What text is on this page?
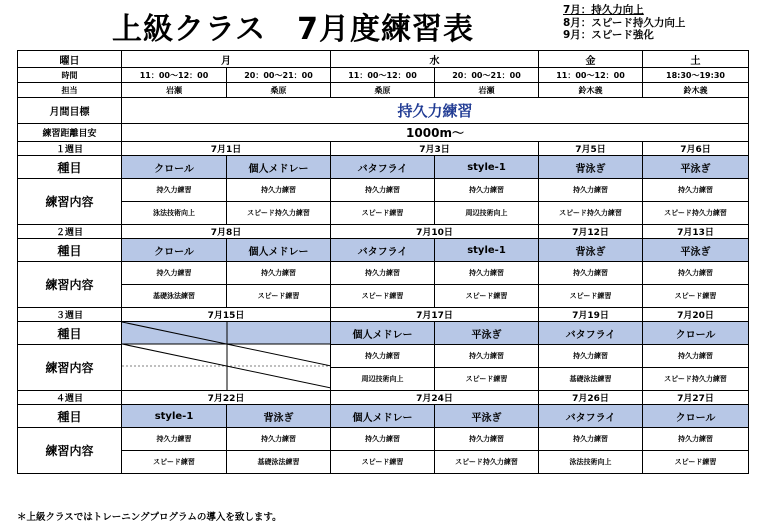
上級クラス　7月度練習表
7月：持久力向上
8月：スピード持久力向上
9月：スピード強化
曜日	月		水		金	土
時間	11：00〜12：00	20：00〜21：00	11：00〜12：00	20：00〜21：00	11：00〜12：00	18:30〜19:30
担当	岩瀬	桑原	桑原	岩瀬	鈴木義	鈴木義
月間目標	持久力練習					
練習距離目安	1000m〜					
１週目	7月1日		7月3日		7月5日	7月6日
種目	クロール	個人メドレー	バタフライ	style-1	背泳ぎ	平泳ぎ
練習内容	持久力練習	持久力練習	持久力練習	持久力練習	持久力練習	持久力練習
	泳法技術向上	スピード持久力練習	スピード練習	周辺技術向上	スピード持久力練習	スピード持久力練習
２週目	7月8日		7月10日		7月12日	7月13日
種目	クロール	個人メドレー	バタフライ	style-1	背泳ぎ	平泳ぎ
練習内容	持久力練習	持久力練習	持久力練習	持久力練習	持久力練習	持久力練習
	基礎泳法練習	スピード練習	スピード練習	スピード練習	スピード練習	スピード練習
３週目	7月15日		7月17日		7月19日	7月20日
種目			個人メドレー	平泳ぎ	バタフライ	クロール
練習内容			持久力練習	持久力練習	持久力練習	持久力練習
			周辺技術向上	スピード練習	基礎泳法練習	スピード持久力練習
４週目	7月22日		7月24日		7月26日	7月27日
種目	style-1	背泳ぎ	個人メドレー	平泳ぎ	バタフライ	クロール
練習内容	持久力練習	持久力練習	持久力練習	持久力練習	持久力練習	持久力練習
	スピード練習	基礎泳法練習	スピード練習	スピード持久力練習	泳法技術向上	スピード練習
＊上級クラスではトレーニングプログラムの導入を致します。
